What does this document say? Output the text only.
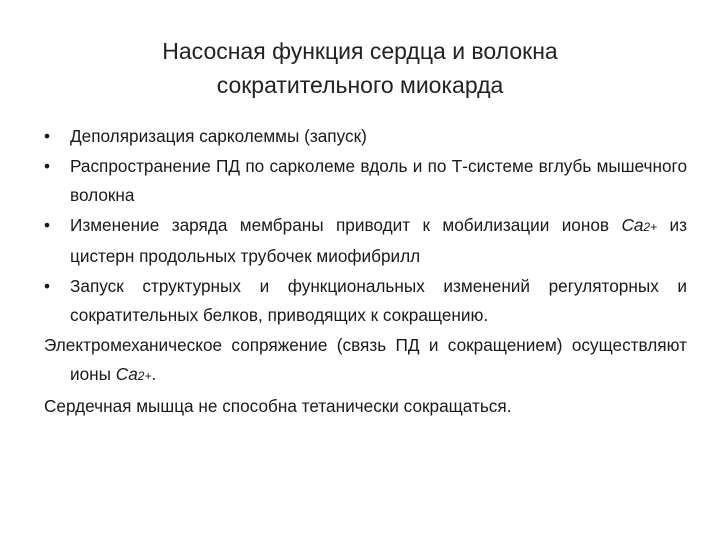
Насосная функция сердца и волокна
сократительного миокарда
• Деполяризация сарколеммы (запуск)
• Распространение ПД по сарколеме вдоль и по Т-системе вглубь мышечного волокна
• Изменение заряда мембраны приводит к мобилизации ионов Ca2+ из цистерн продольных трубочек миофибрилл
• Запуск структурных и функциональных изменений регуляторных и сократительных белков, приводящих к сокращению.
Электромеханическое сопряжение (связь ПД и сокращением) осуществляют ионы Ca2+.
Сердечная мышца не способна тетанически сокращаться.
